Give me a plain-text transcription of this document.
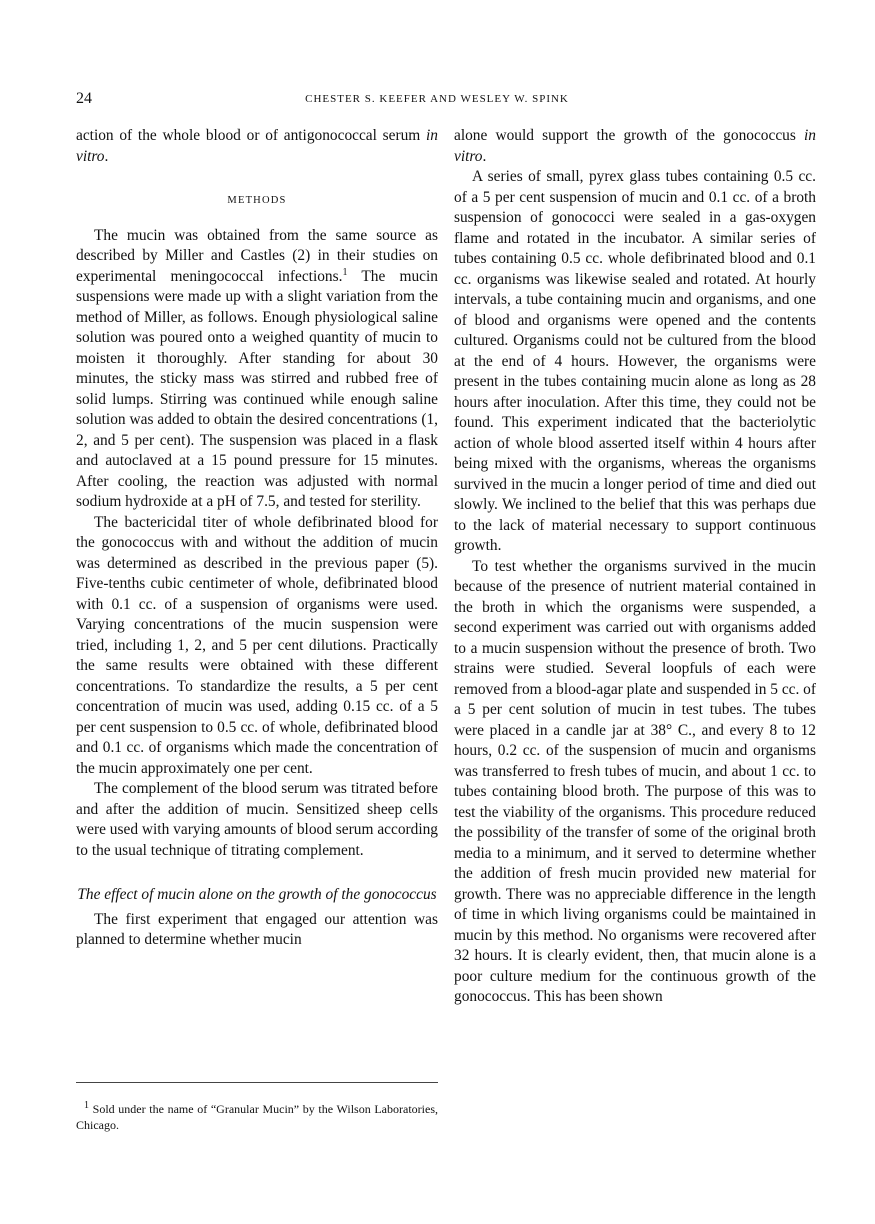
24	CHESTER S. KEEFER AND WESLEY W. SPINK

action of the whole blood or of antigonococcal serum in vitro.

METHODS

The mucin was obtained from the same source as described by Miller and Castles (2) in their studies on experimental meningococcal infections.$^1$ The mucin suspensions were made up with a slight variation from the method of Miller, as follows. Enough physiological saline solution was poured onto a weighed quantity of mucin to moisten it thoroughly. After standing for about 30 minutes, the sticky mass was stirred and rubbed free of solid lumps. Stirring was continued while enough saline solution was added to obtain the desired concentrations (1, 2, and 5 per cent). The suspension was placed in a flask and autoclaved at a 15 pound pressure for 15 minutes. After cooling, the reaction was adjusted with normal sodium hydroxide at a pH of 7.5, and tested for sterility.

The bactericidal titer of whole defibrinated blood for the gonococcus with and without the addition of mucin was determined as described in the previous paper (5). Five-tenths cubic centimeter of whole, defibrinated blood with 0.1 cc. of a suspension of organisms were used. Varying concentrations of the mucin suspension were tried, including 1, 2, and 5 per cent dilutions. Practically the same results were obtained with these different concentrations. To standardize the results, a 5 per cent concentration of mucin was used, adding 0.15 cc. of a 5 per cent suspension to 0.5 cc. of whole, defibrinated blood and 0.1 cc. of organisms which made the concentration of the mucin approximately one per cent.

The complement of the blood serum was titrated before and after the addition of mucin. Sensitized sheep cells were used with varying amounts of blood serum according to the usual technique of titrating complement.

The effect of mucin alone on the growth of the gonococcus

The first experiment that engaged our attention was planned to determine whether mucin

alone would support the growth of the gonococcus in vitro.

A series of small, pyrex glass tubes containing 0.5 cc. of a 5 per cent suspension of mucin and 0.1 cc. of a broth suspension of gonococci were sealed in a gas-oxygen flame and rotated in the incubator. A similar series of tubes containing 0.5 cc. whole defibrinated blood and 0.1 cc. organisms was likewise sealed and rotated. At hourly intervals, a tube containing mucin and organisms, and one of blood and organisms were opened and the contents cultured. Organisms could not be cultured from the blood at the end of 4 hours. However, the organisms were present in the tubes containing mucin alone as long as 28 hours after inoculation. After this time, they could not be found. This experiment indicated that the bacteriolytic action of whole blood asserted itself within 4 hours after being mixed with the organisms, whereas the organisms survived in the mucin a longer period of time and died out slowly. We inclined to the belief that this was perhaps due to the lack of material necessary to support continuous growth.

To test whether the organisms survived in the mucin because of the presence of nutrient material contained in the broth in which the organisms were suspended, a second experiment was carried out with organisms added to a mucin suspension without the presence of broth. Two strains were studied. Several loopfuls of each were removed from a blood-agar plate and suspended in 5 cc. of a 5 per cent solution of mucin in test tubes. The tubes were placed in a candle jar at 38° C., and every 8 to 12 hours, 0.2 cc. of the suspension of mucin and organisms was transferred to fresh tubes of mucin, and about 1 cc. to tubes containing blood broth. The purpose of this was to test the viability of the organisms. This procedure reduced the possibility of the transfer of some of the original broth media to a minimum, and it served to determine whether the addition of fresh mucin provided new material for growth. There was no appreciable difference in the length of time in which living organisms could be maintained in mucin by this method. No organisms were recovered after 32 hours. It is clearly evident, then, that mucin alone is a poor culture medium for the continuous growth of the gonococcus. This has been shown

$^1$ Sold under the name of “Granular Mucin” by the Wilson Laboratories, Chicago.
